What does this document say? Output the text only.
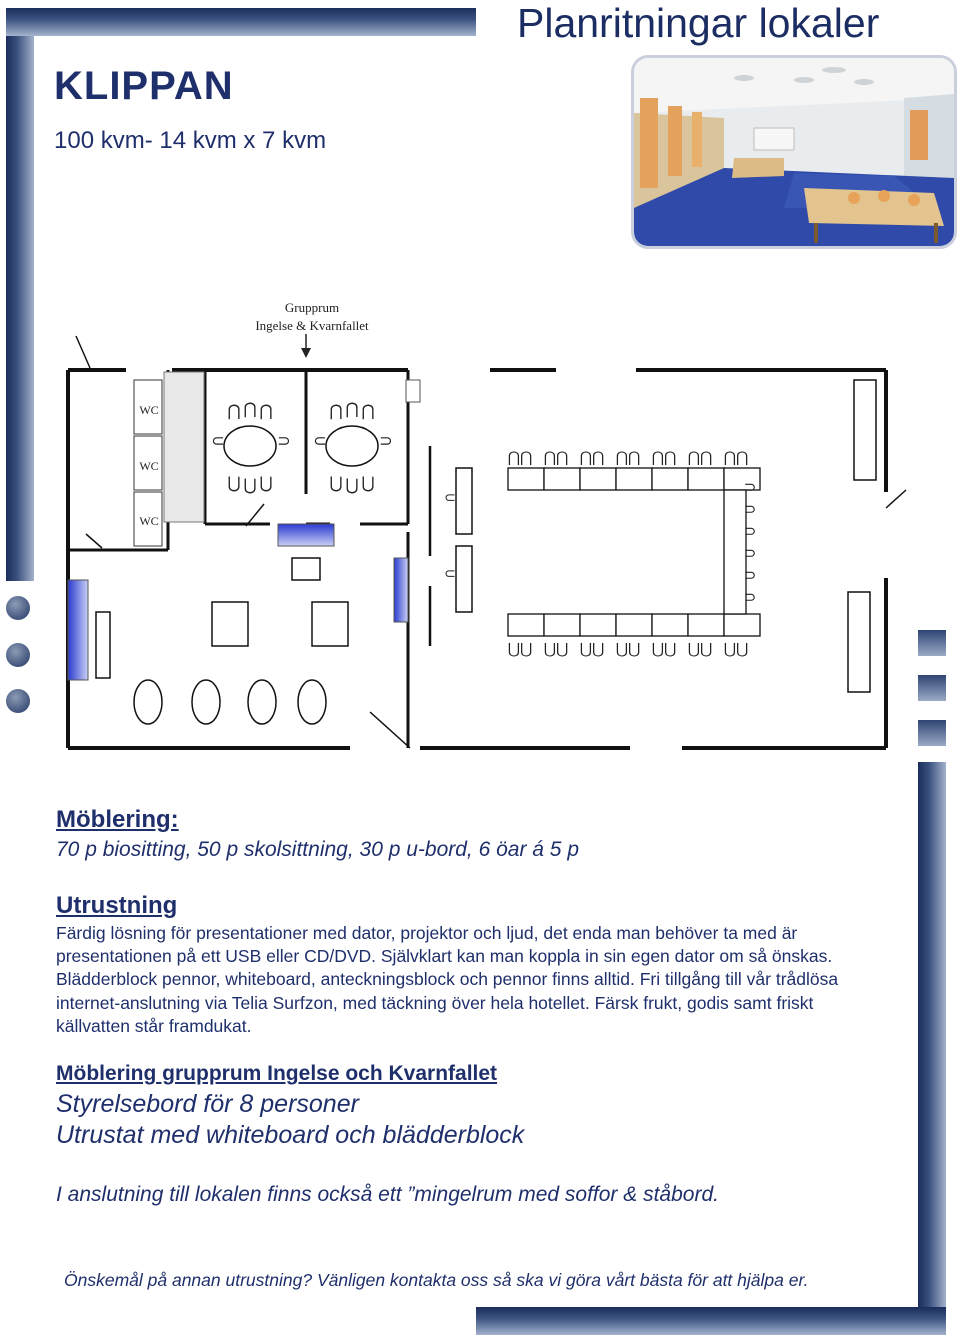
Planritningar lokaler
KLIPPAN
100 kvm- 14 kvm x 7 kvm
Grupprum
Ingelse & Kvarnfallet
WC
WC
WC
⋂ ⋂ ⋂
⋃ ⋃ ⋃
⋂ ⋂ ⋂
⋃ ⋃ ⋃
⊂	⊃ ⊂	⊃
⊂
⊂
⋂⋂ ⋂⋂ ⋂⋂ ⋂⋂ ⋂⋂ ⋂⋂ ⋂⋂
⋃⋃ ⋃⋃ ⋃⋃ ⋃⋃ ⋃⋃ ⋃⋃ ⋃⋃
⊃
⊃
⊃
⊃
⊃
⊃
Möblering:
70 p biositting, 50 p skolsittning, 30 p u-bord, 6 öar á 5 p
Utrustning
Färdig lösning för presentationer med dator, projektor och ljud, det enda man behöver ta med är presentationen på ett USB eller CD/DVD. Självklart kan man koppla in sin egen dator om så önskas. Blädderblock pennor, whiteboard, anteckningsblock och pennor finns alltid. Fri tillgång till vår trådlösa internet-anslutning via Telia Surfzon, med täckning över hela hotellet. Färsk frukt, godis samt friskt källvatten står framdukat.
Möblering grupprum Ingelse och Kvarnfallet
Styrelsebord för 8 personer
Utrustat med whiteboard och blädderblock
I anslutning till lokalen finns också ett ”mingelrum med soffor & ståbord.
Önskemål på annan utrustning? Vänligen kontakta oss så ska vi göra vårt bästa för att hjälpa er.
